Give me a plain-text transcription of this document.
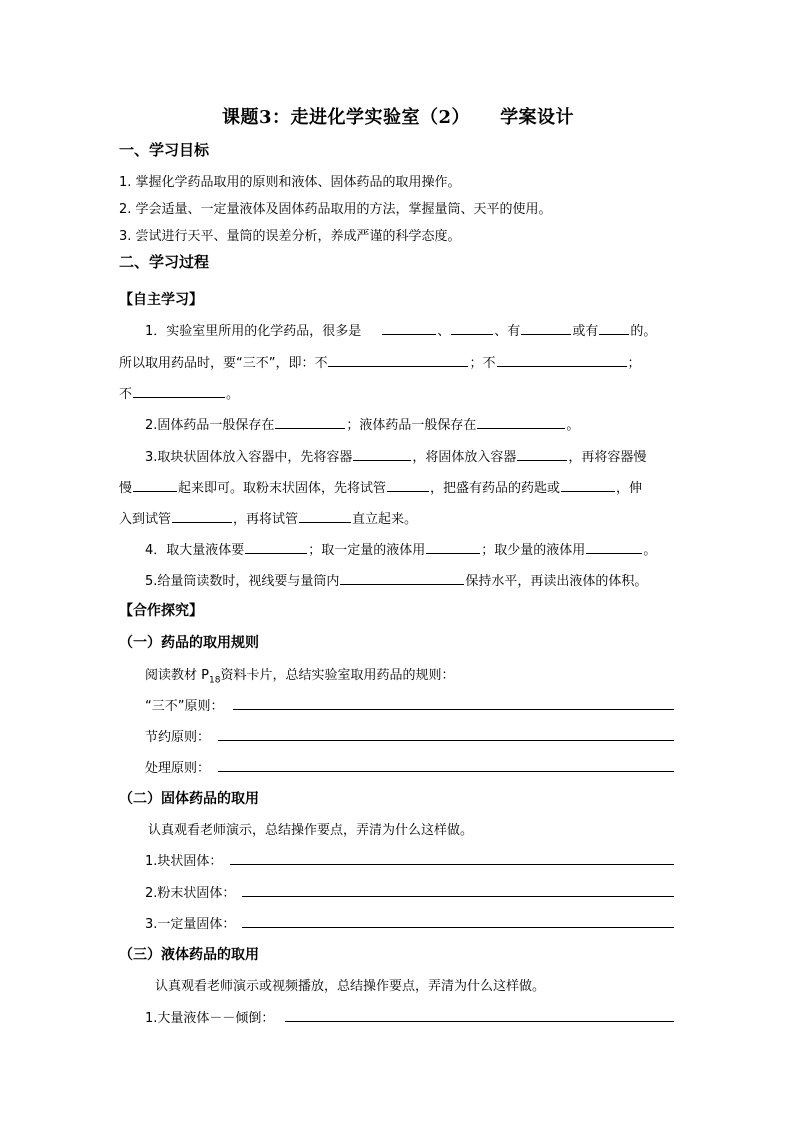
课题3：走进化学实验室（2） 学案设计
一、学习目标
1. 掌握化学药品取用的原则和液体、固体药品的取用操作。
2. 学会适量、一定量液体及固体药品取用的方法，掌握量筒、天平的使用。
3. 尝试进行天平、量筒的误差分析，养成严谨的科学态度。
二、学习过程
【自主学习】
1．实验室里所用的化学药品，很多是	、	、有	或有 的。
所以取用药品时，要“三不”，即：不	；不	；
不	。
2.固体药品一般保存在	；液体药品一般保存在	。
3.取块状固体放入容器中，先将容器	，将固体放入容器	，再将容器慢
慢	起来即可。取粉末状固体，先将试管	，把盛有药品的药匙或	，伸
入到试管	，再将试管	直立起来。
4．取大量液体要	；取一定量的液体用	；取少量的液体用	。
5.给量筒读数时，视线要与量筒内	保持水平，再读出液体的体积。
【合作探究】
（一）药品的取用规则
阅读教材 $P_{18}$资料卡片，总结实验室取用药品的规则：
“三不”原则：
节约原则：
处理原则：
（二）固体药品的取用
认真观看老师演示，总结操作要点，弄清为什么这样做。
1.块状固体：
2.粉末状固体：
3.一定量固体：
（三）液体药品的取用
认真观看老师演示或视频播放，总结操作要点，弄清为什么这样做。
1.大量液体－－倾倒：
